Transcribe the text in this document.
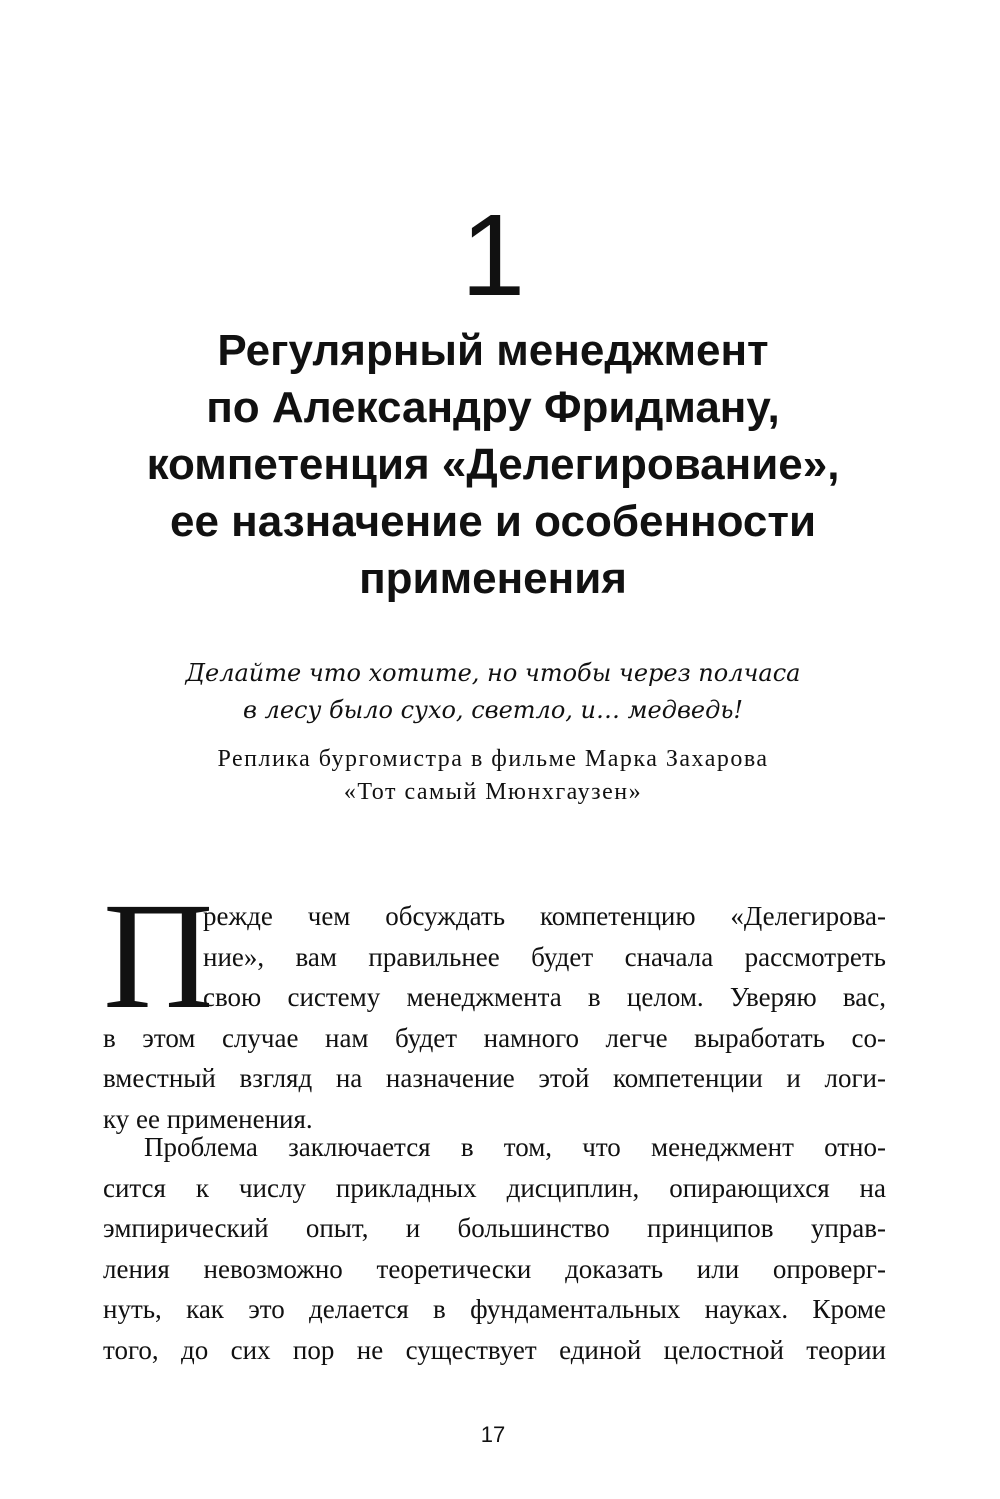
1
Регулярный менеджмент
по Александру Фридману,
компетенция «Делегирование»,
ее назначение и особенности
применения
Делайте что хотите, но чтобы через полчаса
в лесу было сухо, светло, и… медведь!
Реплика бургомистра в фильме Марка Захарова
«Тот самый Мюнхгаузен»
П
режде чем обсуждать компетенцию «Делегирова-
ние», вам правильнее будет сначала рассмотреть
свою систему менеджмента в целом. Уверяю вас,
в этом случае нам будет намного легче выработать со-
вместный взгляд на назначение этой компетенции и логи-
ку ее применения.
Проблема заключается в том, что менеджмент отно-
сится к числу прикладных дисциплин, опирающихся на
эмпирический опыт, и большинство принципов управ-
ления невозможно теоретически доказать или опроверг-
нуть, как это делается в фундаментальных науках. Кроме
того, до сих пор не существует единой целостной теории
17
